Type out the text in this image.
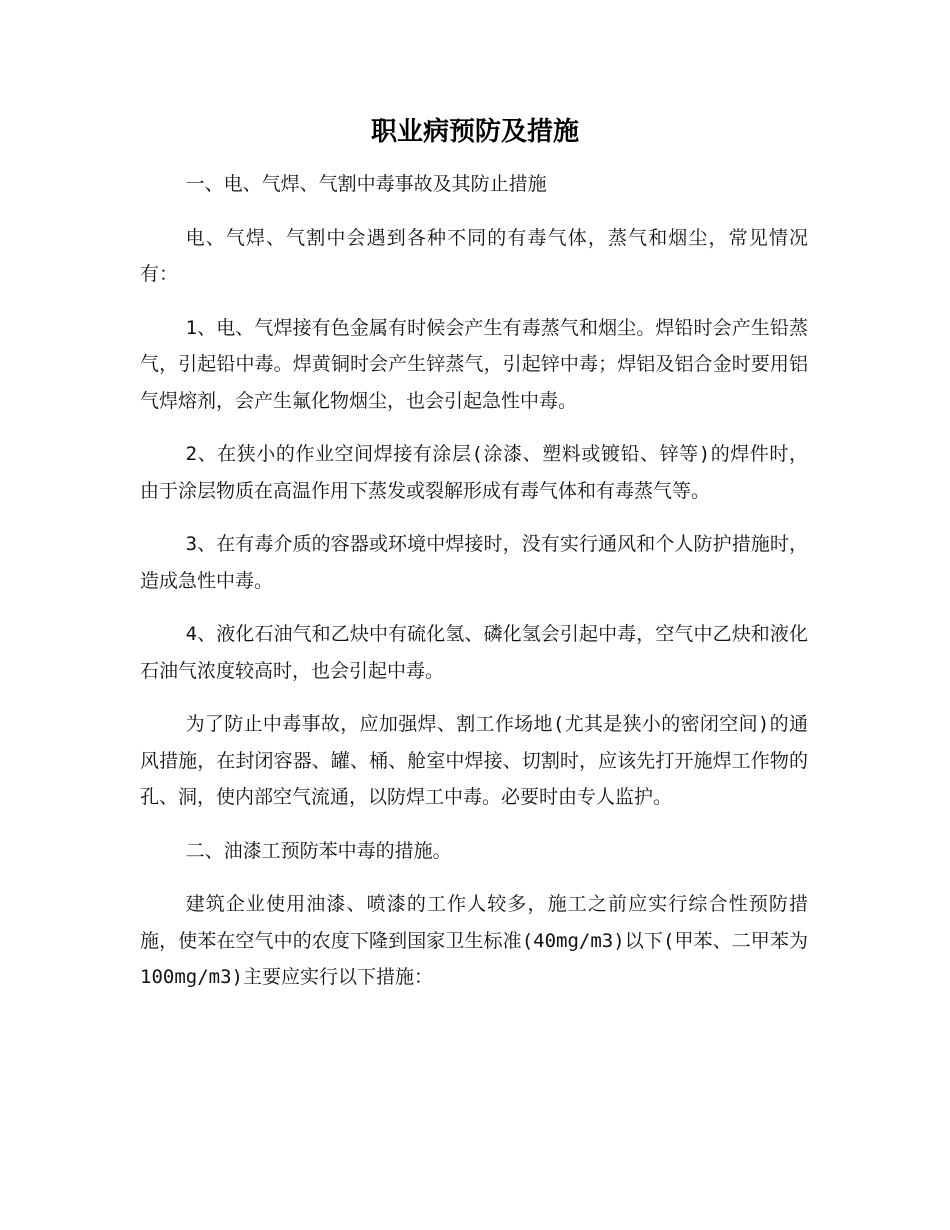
职业病预防及措施

一、电、气焊、气割中毒事故及其防止措施

电、气焊、气割中会遇到各种不同的有毒气体，蒸气和烟尘，常见情况有：

1、电、气焊接有色金属有时候会产生有毒蒸气和烟尘。焊铅时会产生铅蒸气，引起铅中毒。焊黄铜时会产生锌蒸气，引起锌中毒；焊铝及铝合金时要用铝气焊熔剂，会产生氟化物烟尘，也会引起急性中毒。

2、在狭小的作业空间焊接有涂层(涂漆、塑料或镀铅、锌等)的焊件时，由于涂层物质在高温作用下蒸发或裂解形成有毒气体和有毒蒸气等。

3、在有毒介质的容器或环境中焊接时，没有实行通风和个人防护措施时，造成急性中毒。

4、液化石油气和乙炔中有硫化氢、磷化氢会引起中毒，空气中乙炔和液化石油气浓度较高时，也会引起中毒。

为了防止中毒事故，应加强焊、割工作场地(尤其是狭小的密闭空间)的通风措施，在封闭容器、罐、桶、舱室中焊接、切割时，应该先打开施焊工作物的孔、洞，使内部空气流通，以防焊工中毒。必要时由专人监护。

二、油漆工预防苯中毒的措施。

建筑企业使用油漆、喷漆的工作人较多，施工之前应实行综合性预防措施，使苯在空气中的农度下隆到国家卫生标准(40mg/m3)以下(甲苯、二甲苯为100mg/m3)主要应实行以下措施：
